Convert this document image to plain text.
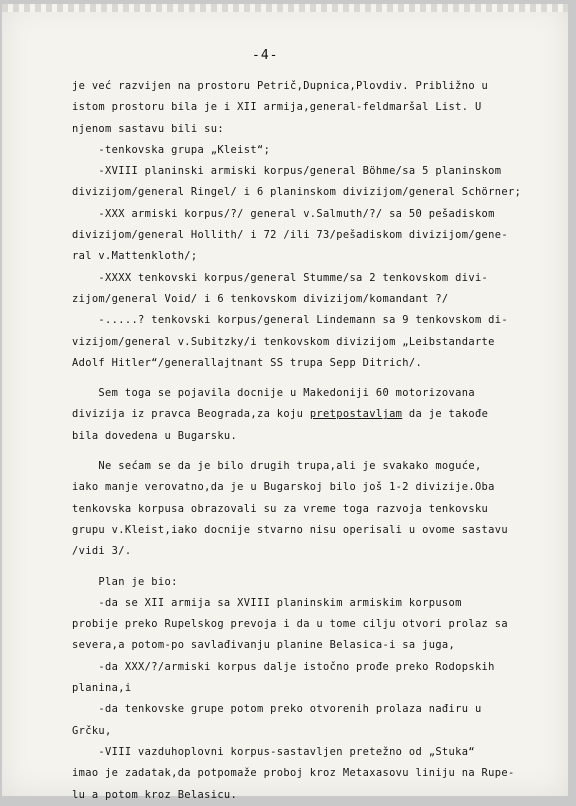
-4-
je već razvijen na prostoru Petrič,Dupnica,Plovdiv. Približno u
istom prostoru bila je i XII armija,general-feldmaršal List. U
njenom sastavu bili su:
-tenkovska grupa „Kleist“;
-XVIII planinski armiski korpus/general Böhme/sa 5 planinskom
divizijom/general Ringel/ i 6 planinskom divizijom/general Schörner;
-XXX armiski korpus/?/ general v.Salmuth/?/ sa 50 pešadiskom
divizijom/general Hollith/ i 72 /ili 73/pešadiskom divizijom/gene-
ral v.Mattenkloth/;
-XXXX tenkovski korpus/general Stumme/sa 2 tenkovskom divi-
zijom/general Void/ i 6 tenkovskom divizijom/komandant ?/
-.....? tenkovski korpus/general Lindemann sa 9 tenkovskom di-
vizijom/general v.Subitzky/i tenkovskom divizijom „Leibstandarte
Adolf Hitler“/generallajtnant SS trupa Sepp Ditrich/.
Sem toga se pojavila docnije u Makedoniji 60 motorizovana
divizija iz pravca Beograda,za koju pretpostavljam da je takođe
bila dovedena u Bugarsku.
Ne sećam se da je bilo drugih trupa,ali je svakako moguće,
iako manje verovatno,da je u Bugarskoj bilo još 1-2 divizije.Oba
tenkovska korpusa obrazovali su za vreme toga razvoja tenkovsku
grupu v.Kleist,iako docnije stvarno nisu operisali u ovome sastavu
/vidi 3/.
Plan je bio:
-da se XII armija sa XVIII planinskim armiskim korpusom
probije preko Rupelskog prevoja i da u tome cilju otvori prolaz sa
severa,a potom-po savlađivanju planine Belasica-i sa juga,
-da XXX/?/armiski korpus dalje istočno prođe preko Rodopskih
planina,i
-da tenkovske grupe potom preko otvorenih prolaza nađiru u
Grčku,
-VIII vazduhoplovni korpus-sastavljen pretežno od „Stuka“
imao je zadatak,da potpomaže proboj kroz Metaxasovu liniju na Rupe-
lu a potom kroz Belasicu.
